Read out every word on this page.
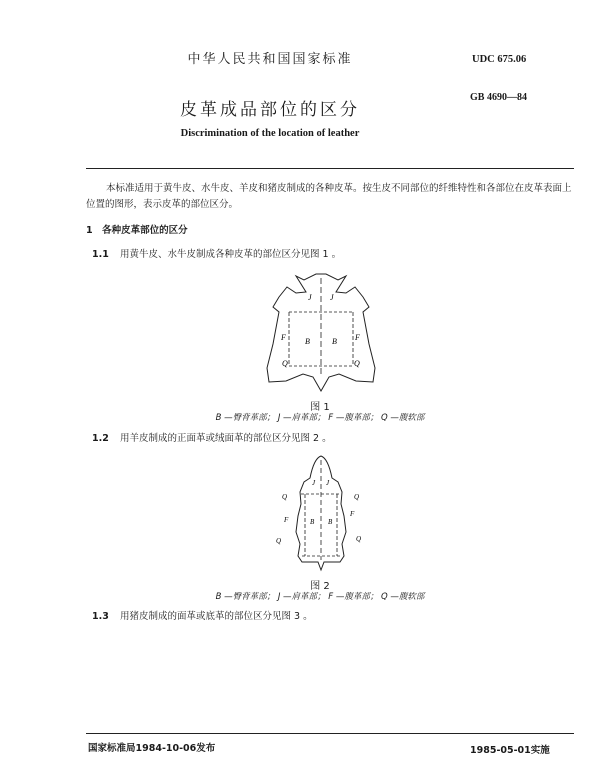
中华人民共和国国家标准	UDC 675.06
GB 4690—84
皮革成品部位的区分
Discrimination of the location of leather
本标准适用于黄牛皮、水牛皮、羊皮和猪皮制成的各种皮革。按生皮不同部位的纤维特性和各部位在皮革表面上位置的图形，表示皮革的部位区分。
1　各种皮革部位的区分
1.1 用黄牛皮、水牛皮制成各种皮革的部位区分见图 1 。
J J
B	B
F	F
Q	Q
图 1
B —臀背革部； J —肩革部； F —腹革部； Q —腹软部
1.2 用羊皮制成的正面革或绒面革的部位区分见图 2 。
J J
B B
F
F
Q	Q
Q	Q
图 2
B —臀背革部； J —肩革部； F —腹革部； Q —腹软部
1.3 用猪皮制成的面革或底革的部位区分见图 3 。
国家标准局1984-10-06发布	1985-05-01实施
